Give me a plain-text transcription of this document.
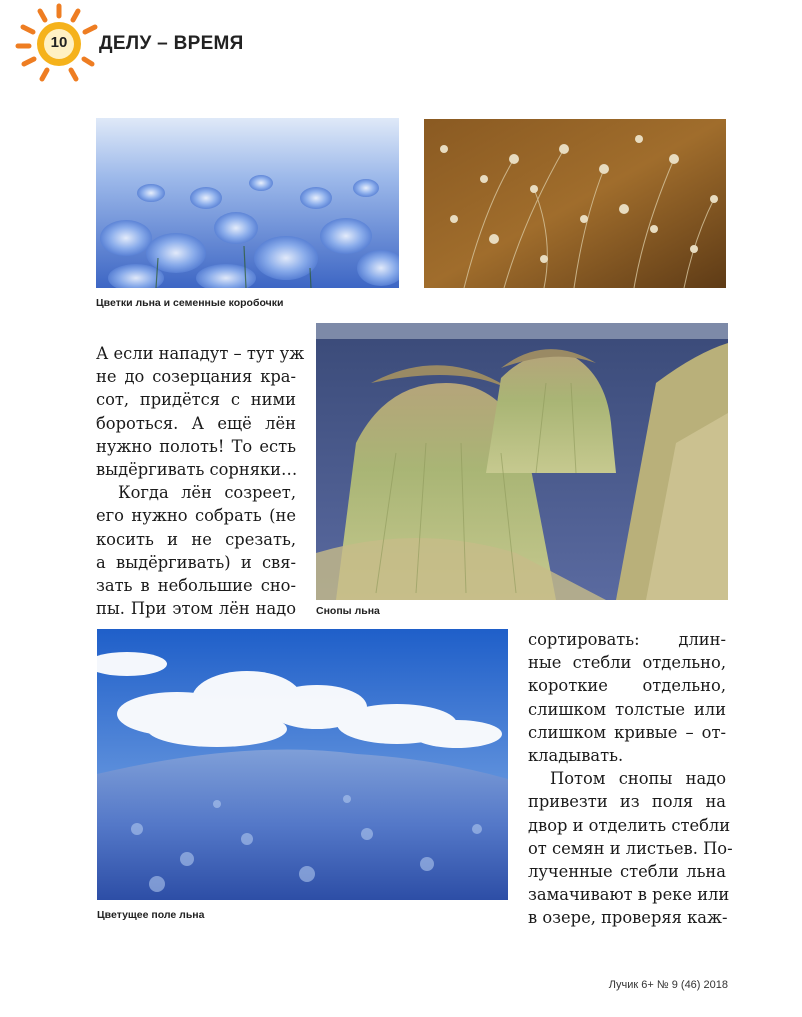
10	ДЕЛУ – ВРЕМЯ
Цветки льна и семенные коробочки
Снопы льна
А если нападут – тут уж
не до созерцания кра-
сот, придётся с ними
бороться. А ещё лён
нужно полоть! То есть
выдёргивать сорняки…
Когда лён созреет,
его нужно собрать (не
косить и не срезать,
а выдёргивать) и свя-
зать в небольшие сно-
пы. При этом лён надо
Цветущее поле льна
сортировать: длин-
ные стебли отдельно,
короткие отдельно,
слишком толстые или
слишком кривые – от-
кладывать.
Потом снопы надо
привезти из поля на
двор и отделить стебли
от семян и листьев. По-
лученные стебли льна
замачивают в реке или
в озере, проверяя каж-
Лучик 6+ № 9 (46) 2018
